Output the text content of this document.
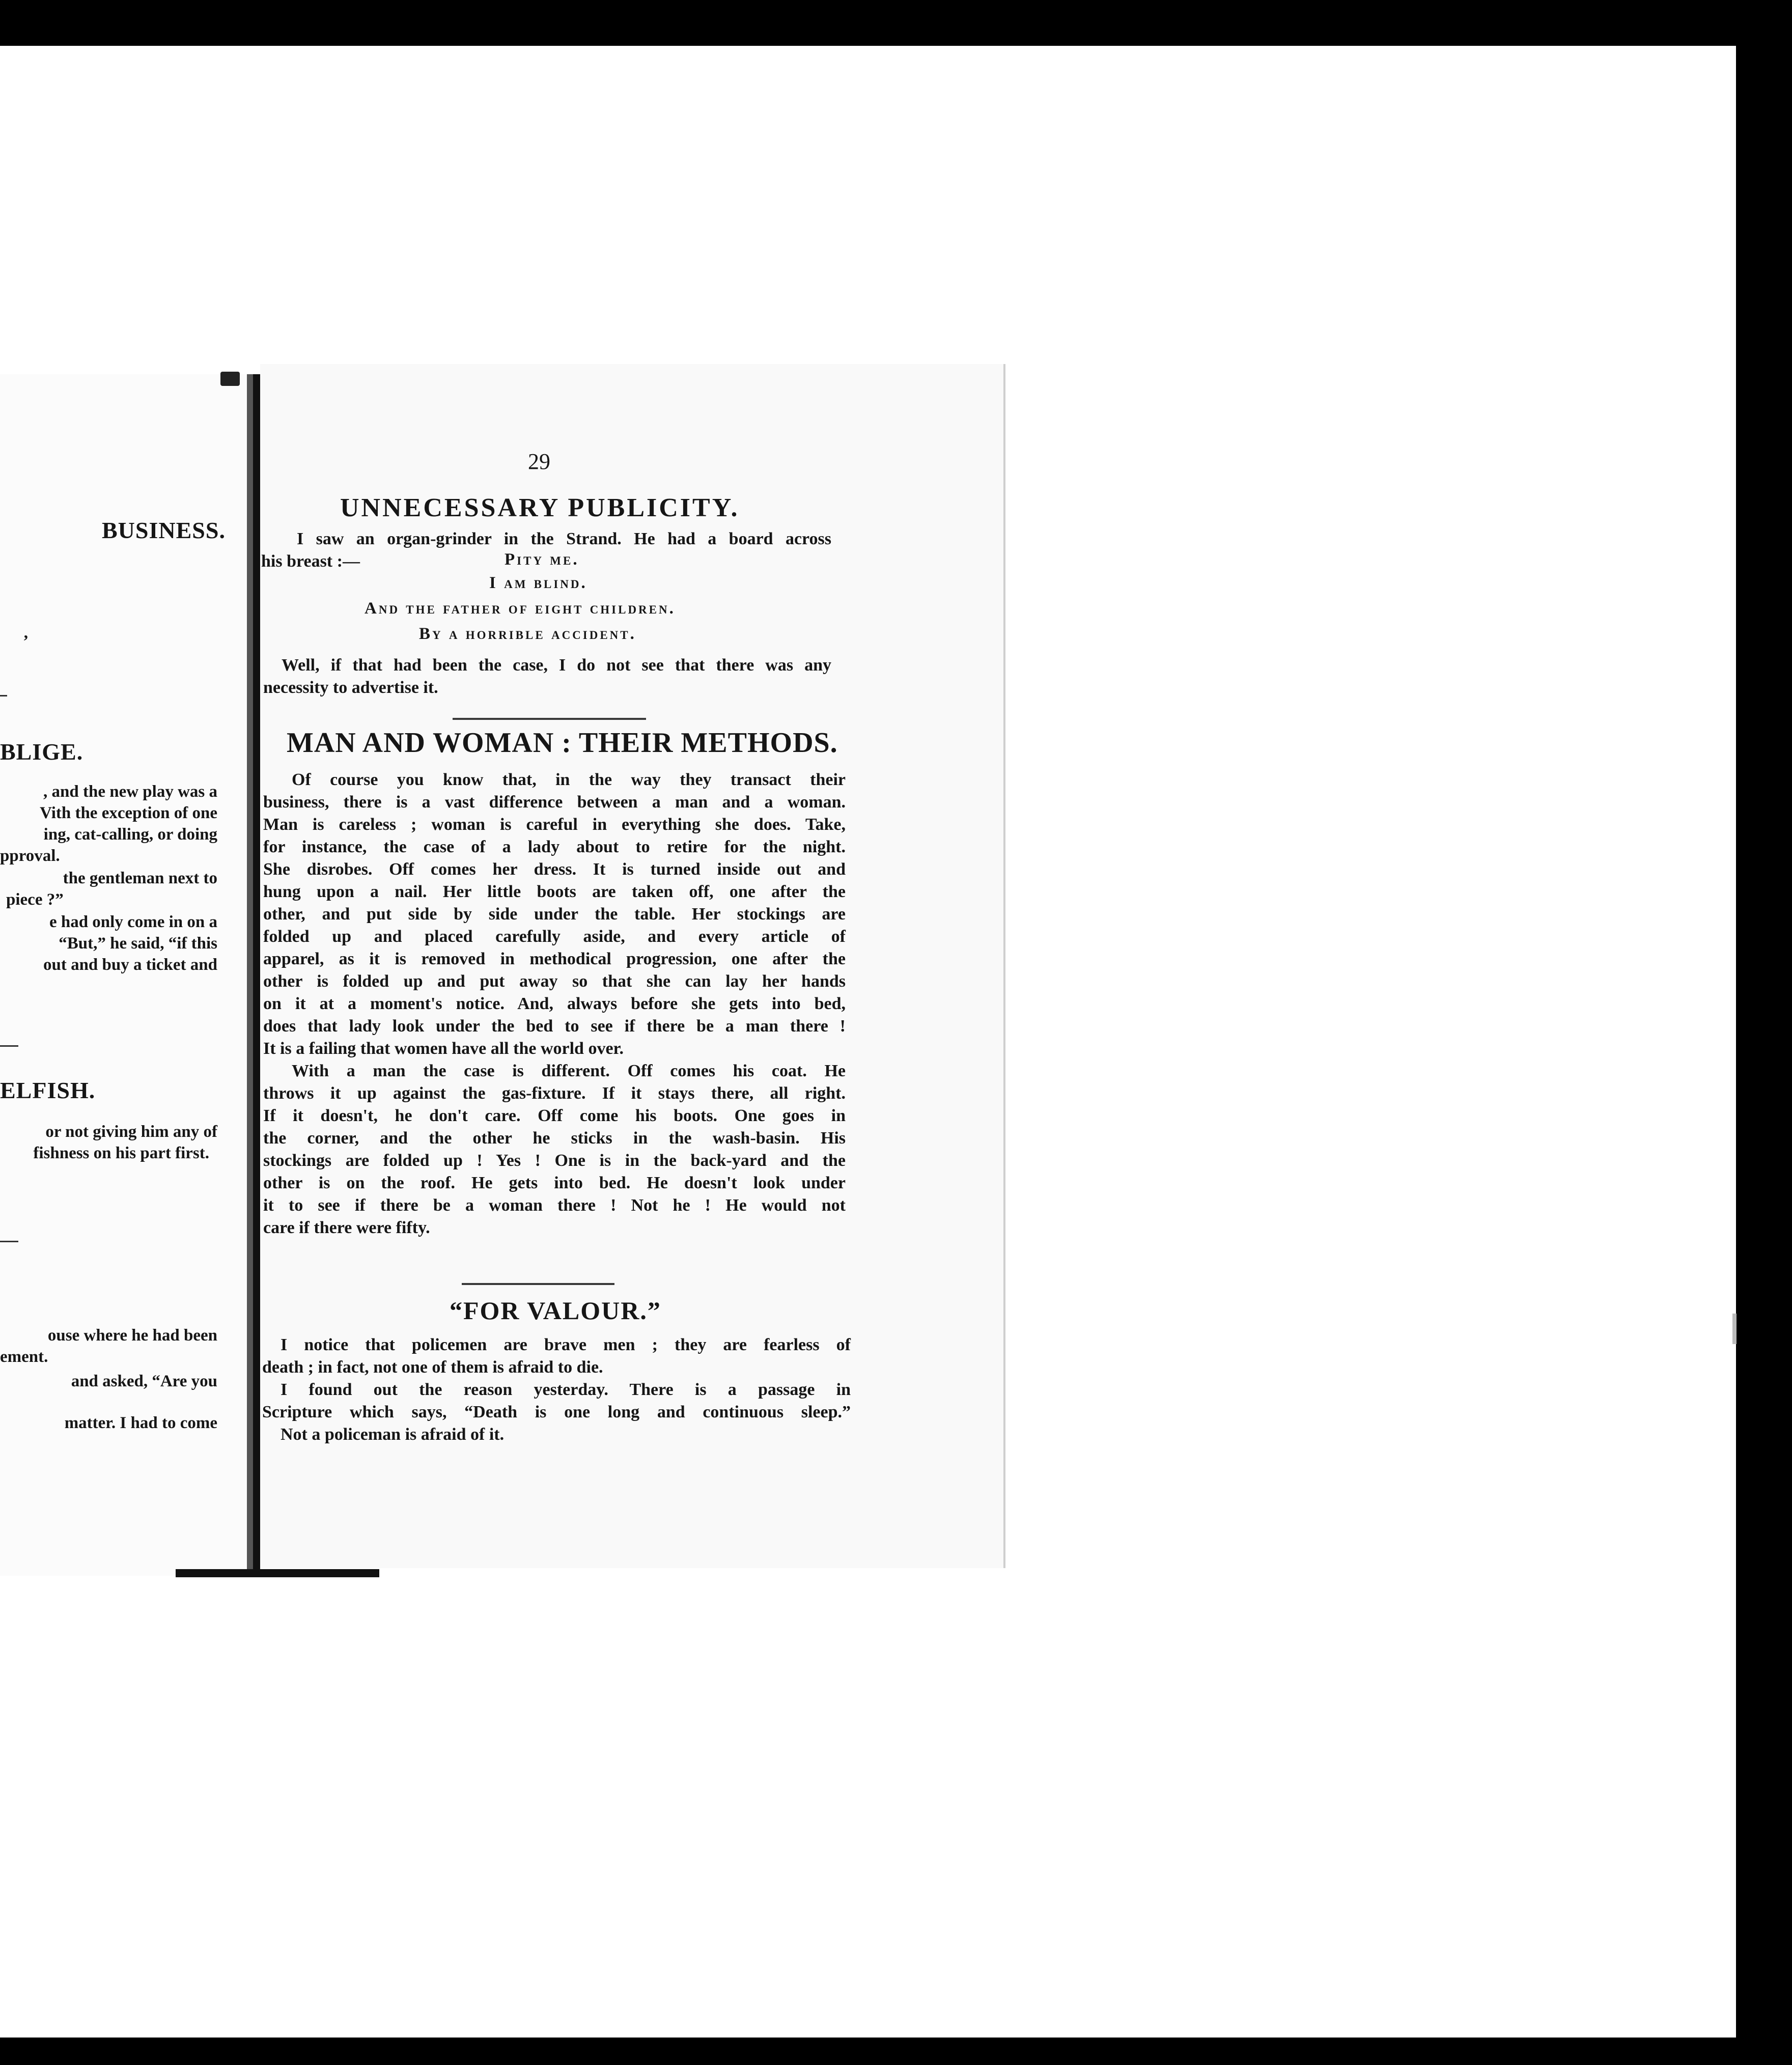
BUSINESS.
,
BLIGE.
, and the new play was a
Vith the exception of one
ing, cat-calling, or doing
pproval.
the gentleman next to
piece ?”
e had only come in on a
“But,” he said, “if this
out and buy a ticket and
ELFISH.
or not giving him any of
fishness on his part first.
ouse where he had been
ement.
and asked, “Are you
matter. I had to come
29
UNNECESSARY PUBLICITY.
I saw an organ-grinder in the Strand. He had a board across
his breast :—	Pity me.
I am blind.
And the father of eight children.
By a horrible accident.
Well, if that had been the case, I do not see that there was any
necessity to advertise it.
MAN AND WOMAN : THEIR METHODS.
Of course you know that, in the way they transact their
business, there is a vast difference between a man and a woman.
Man is careless ; woman is careful in everything she does. Take,
for instance, the case of a lady about to retire for the night.
She disrobes. Off comes her dress. It is turned inside out and
hung upon a nail. Her little boots are taken off, one after the
other, and put side by side under the table. Her stockings are
folded up and placed carefully aside, and every article of
apparel, as it is removed in methodical progression, one after the
other is folded up and put away so that she can lay her hands
on it at a moment's notice. And, always before she gets into bed,
does that lady look under the bed to see if there be a man there !
It is a failing that women have all the world over.
With a man the case is different. Off comes his coat. He
throws it up against the gas-fixture. If it stays there, all right.
If it doesn't, he don't care. Off come his boots. One goes in
the corner, and the other he sticks in the wash-basin. His
stockings are folded up ! Yes ! One is in the back-yard and the
other is on the roof. He gets into bed. He doesn't look under
it to see if there be a woman there ! Not he ! He would not
care if there were fifty.
“FOR VALOUR.”
I notice that policemen are brave men ; they are fearless of
death ; in fact, not one of them is afraid to die.
I found out the reason yesterday. There is a passage in
Scripture which says, “Death is one long and continuous sleep.”
Not a policeman is afraid of it.
